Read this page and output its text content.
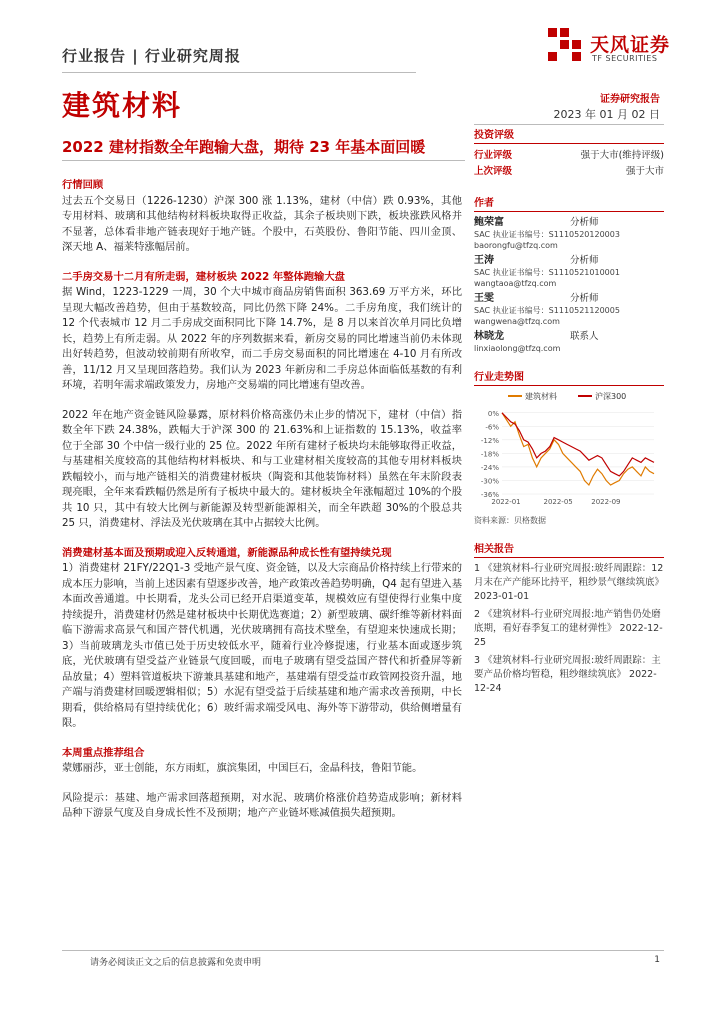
行业报告 | 行业研究周报	天风证券
TF SECURITIES
建筑材料	证券研究报告
2023 年 01 月 02 日
2022 建材指数全年跑输大盘，期待 23 年基本面回暖
行情回顾

过去五个交易日（1226-1230）沪深 300 涨 1.13%，建材（中信）跌 0.93%，其他专用材料、玻璃和其他结构材料板块取得正收益，其余子板块则下跌，板块涨跌风格并不显著，总体看非地产链表现好于地产链。个股中，石英股份、鲁阳节能、四川金顶、深天地 A、福莱特涨幅居前。

二手房交易十二月有所走弱，建材板块 2022 年整体跑输大盘

据 Wind，1223-1229 一周，30 个大中城市商品房销售面积 363.69 万平方米，环比呈现大幅改善趋势，但由于基数较高，同比仍然下降 24%。二手房角度，我们统计的 12 个代表城市 12 月二手房成交面积同比下降 14.7%，是 8 月以来首次单月同比负增长，趋势上有所走弱。从 2022 年的序列数据来看，新房交易的同比增速当前仍未体现出好转趋势，但波动较前期有所收窄，而二手房交易面积的同比增速在 4-10 月有所改善，11/12 月又呈现回落趋势。我们认为 2023 年新房和二手房总体面临低基数的有利环境，若明年需求端政策发力，房地产交易端的同比增速有望改善。

2022 年在地产资金链风险暴露，原材料价格高涨仍未止步的情况下，建材（中信）指数全年下跌 24.38%，跌幅大于沪深 300 的 21.63%和上证指数的 15.13%，收益率位于全部 30 个中信一级行业的 25 位。2022 年所有建材子板块均未能够取得正收益，与基建相关度较高的其他结构材料板块、和与工业建材相关度较高的其他专用材料板块跌幅较小，而与地产链相关的消费建材板块（陶瓷和其他装饰材料）虽然在年末阶段表现亮眼，全年来看跌幅仍然是所有子板块中最大的。建材板块全年涨幅超过 10%的个股共 10 只，其中有较大比例与新能源及转型新能源相关，而全年跌超 30%的个股总共 25 只，消费建材、浮法及光伏玻璃在其中占据较大比例。

消费建材基本面及预期或迎入反转通道，新能源品种成长性有望持续兑现

1）消费建材 21FY/22Q1-3 受地产景气度、资金链，以及大宗商品价格持续上行带来的成本压力影响，当前上述因素有望逐步改善，地产政策改善趋势明确，Q4 起有望进入基本面改善通道。中长期看，龙头公司已经开启渠道变革，规模效应有望使得行业集中度持续提升，消费建材仍然是建材板块中长期优选赛道；2）新型玻璃、碳纤维等新材料面临下游需求高景气和国产替代机遇，光伏玻璃拥有高技术壁垒，有望迎来快速成长期；3）当前玻璃龙头市值已处于历史较低水平，随着行业冷修提速，行业基本面或逐步筑底，光伏玻璃有望受益产业链景气度回暖，而电子玻璃有望受益国产替代和折叠屏等新品放量；4）塑料管道板块下游兼具基建和地产，基建端有望受益市政管网投资升温，地产端与消费建材回暖逻辑相似；5）水泥有望受益于后续基建和地产需求改善预期，中长期看，供给格局有望持续优化；6）玻纤需求端受风电、海外等下游带动，供给侧增量有限。

本周重点推荐组合

蒙娜丽莎，亚士创能，东方雨虹，旗滨集团，中国巨石，金晶科技，鲁阳节能。

风险提示：基建、地产需求回落超预期，对水泥、玻璃价格涨价趋势造成影响；新材料品种下游景气度及自身成长性不及预期；地产产业链坏账减值损失超预期。

投资评级
行业评级	强于大市(维持评级)
上次评级	强于大市
作者
鲍荣富	分析师
SAC 执业证书编号：S1110520120003
baorongfu@tfzq.com
王涛	分析师
SAC 执业证书编号：S1110521010001
wangtaoa@tfzq.com
王雯	分析师
SAC 执业证书编号：S1110521120005
wangwena@tfzq.com
林晓龙	联系人
linxiaolong@tfzq.com
行业走势图
建筑材料	沪深300
0%
-6%
-12%
-18%
-24%
-30%
-36%
2022-01	2022-05	2022-09
资料来源：贝格数据
相关报告
1 《建筑材料-行业研究周报:玻纤周跟踪：12 月末在产产能环比持平，粗纱景气继续筑底》 2023-01-01
2 《建筑材料-行业研究周报:地产销售仍处磨底期，看好春季复工的建材弹性》 2022-12-25
3 《建筑材料-行业研究周报:玻纤周跟踪：主要产品价格均暂稳，粗纱继续筑底》 2022-12-24
请务必阅读正文之后的信息披露和免责申明	1
